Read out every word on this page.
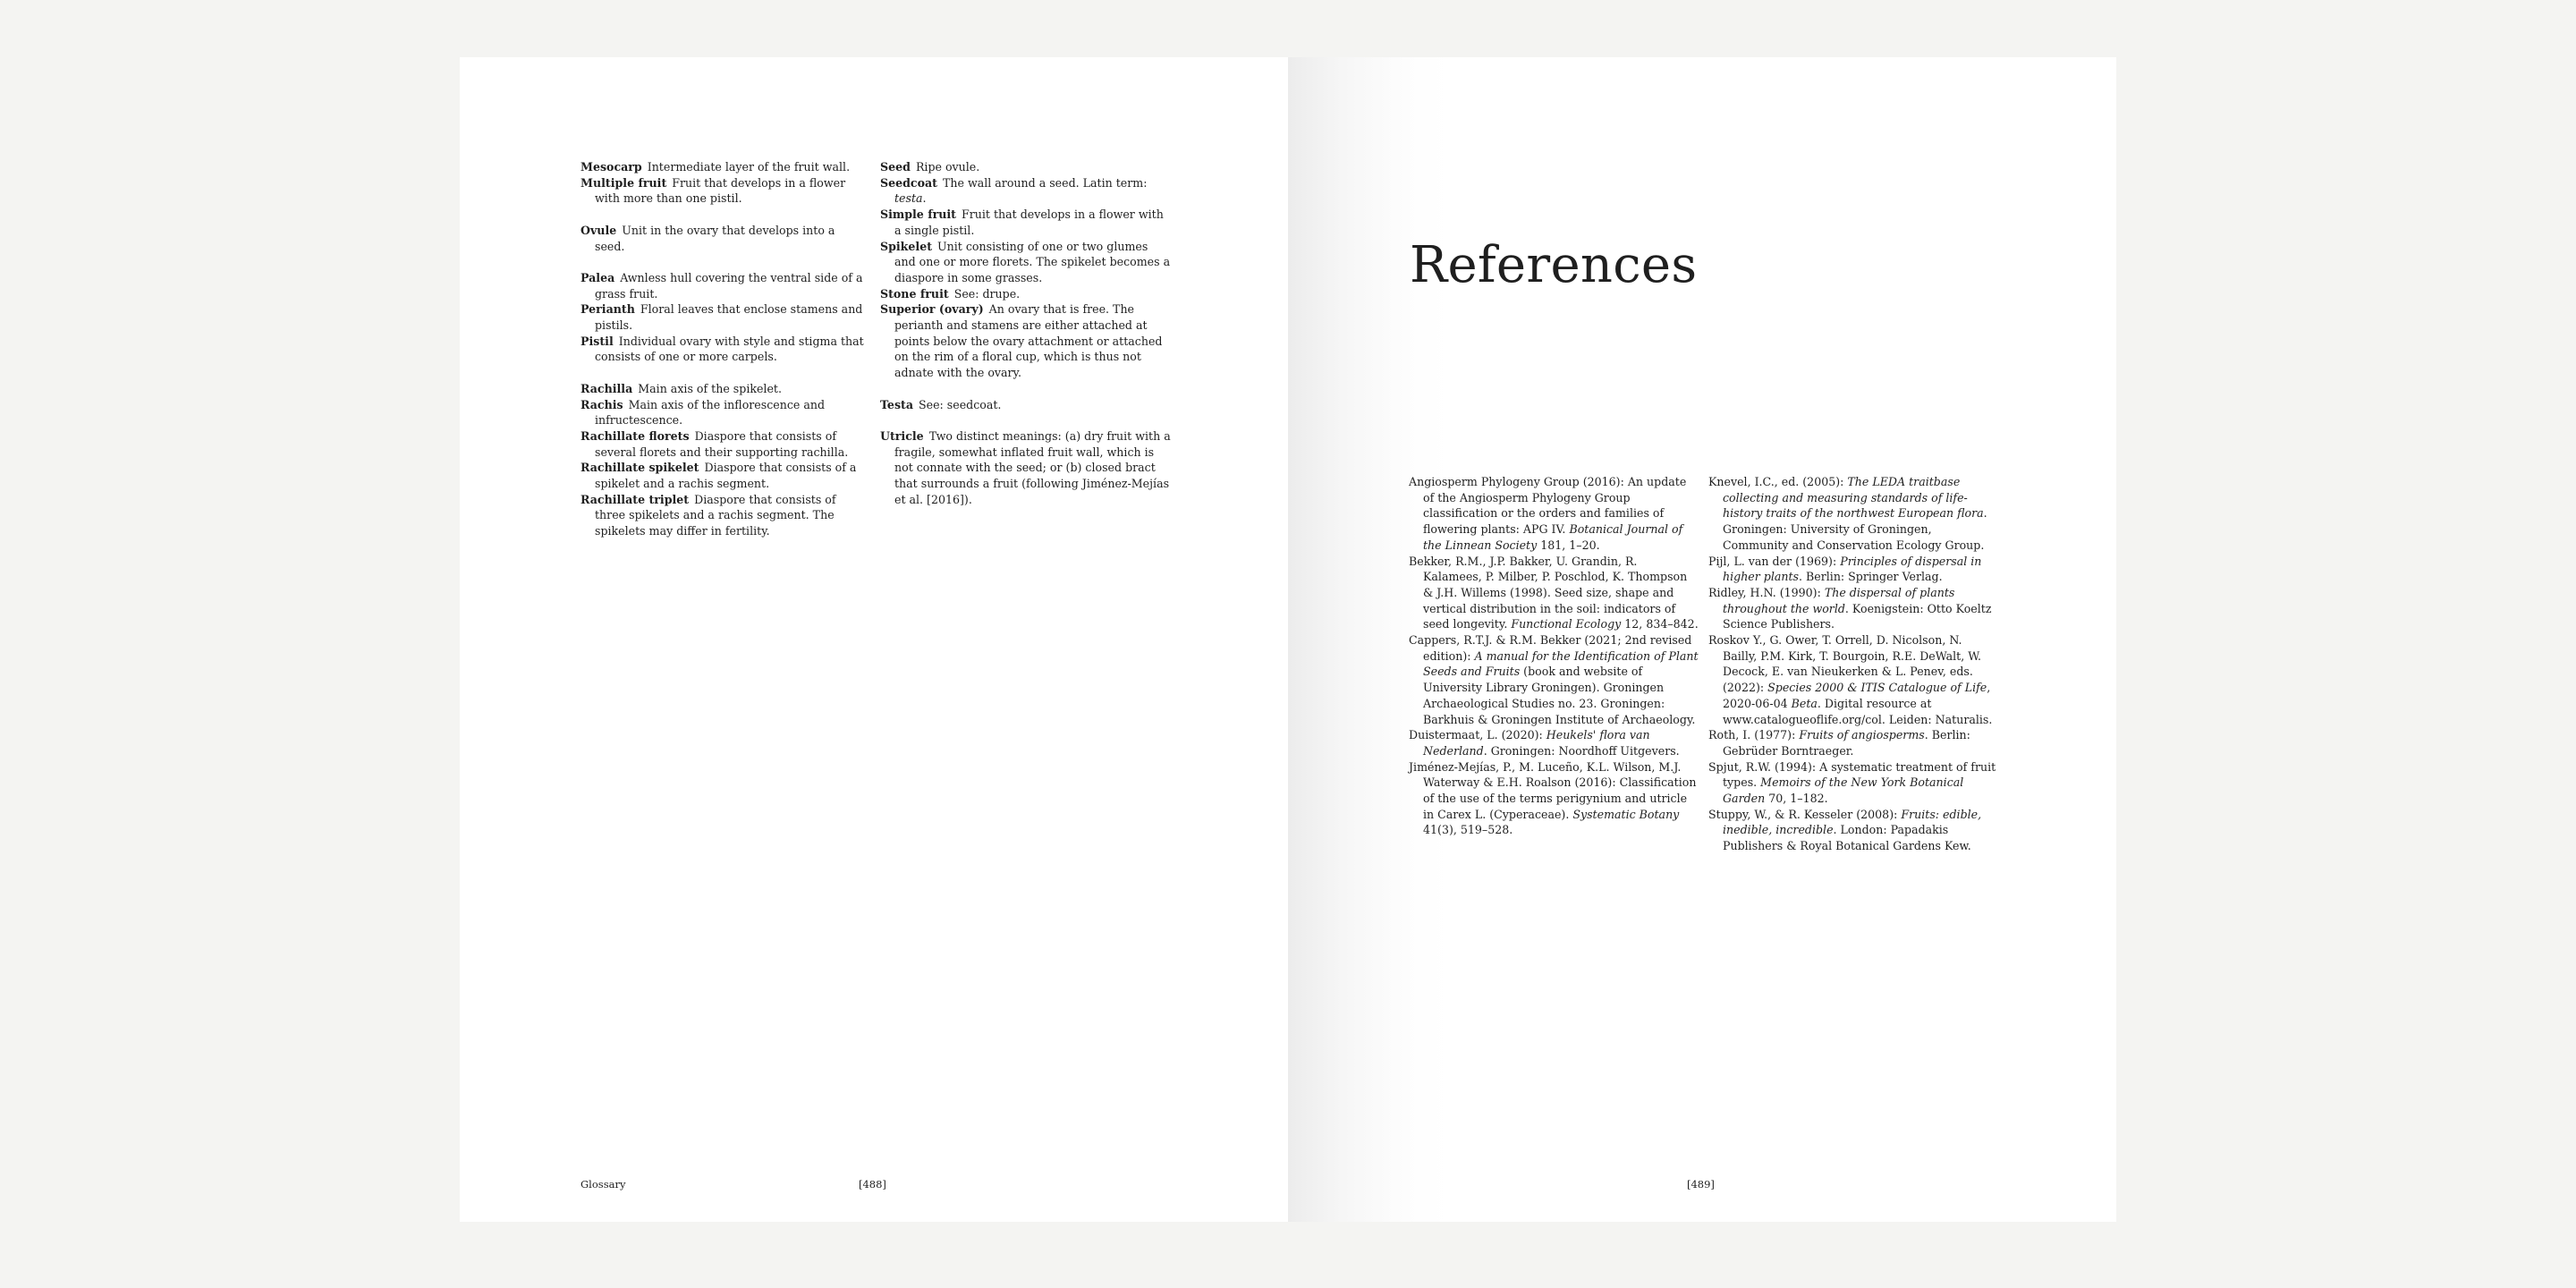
Mesocarp Intermediate layer of the fruit wall.
Multiple fruit Fruit that develops in a flower with more than one pistil.
Ovule Unit in the ovary that develops into a seed.
Palea Awnless hull covering the ventral side of a grass fruit.
Perianth Floral leaves that enclose stamens and pistils.
Pistil Individual ovary with style and stigma that consists of one or more carpels.
Rachilla Main axis of the spikelet.
Rachis Main axis of the inflorescence and infructescence.
Rachillate florets Diaspore that consists of several florets and their supporting rachilla.
Rachillate spikelet Diaspore that consists of a spikelet and a rachis segment.
Rachillate triplet Diaspore that consists of three spikelets and a rachis segment. The spikelets may differ in fertility.
Seed Ripe ovule.
Seedcoat The wall around a seed. Latin term: testa.
Simple fruit Fruit that develops in a flower with a single pistil.
Spikelet Unit consisting of one or two glumes and one or more florets. The spikelet becomes a diaspore in some grasses.
Stone fruit See: drupe.
Superior (ovary) An ovary that is free. The perianth and stamens are either attached at points below the ovary attachment or attached on the rim of a floral cup, which is thus not adnate with the ovary.
Testa See: seedcoat.
Utricle Two distinct meanings: (a) dry fruit with a fragile, somewhat inflated fruit wall, which is not connate with the seed; or (b) closed bract that surrounds a fruit (following Jiménez-Mejías et al. [2016]).
Glossary	[488]
References
Angiosperm Phylogeny Group (2016): An update of the Angiosperm Phylogeny Group classification or the orders and families of flowering plants: APG IV. Botanical Journal of the Linnean Society 181, 1–20.
Bekker, R.M., J.P. Bakker, U. Grandin, R. Kalamees, P. Milber, P. Poschlod, K. Thompson & J.H. Willems (1998). Seed size, shape and vertical distribution in the soil: indicators of seed longevity. Functional Ecology 12, 834–842.
Cappers, R.T.J. & R.M. Bekker (2021; 2nd revised edition): A manual for the Identification of Plant Seeds and Fruits (book and website of University Library Groningen). Groningen Archaeological Studies no. 23. Groningen: Barkhuis & Groningen Institute of Archaeology.
Duistermaat, L. (2020): Heukels' flora van Nederland. Groningen: Noordhoff Uitgevers.
Jiménez-Mejías, P., M. Luceño, K.L. Wilson, M.J. Waterway & E.H. Roalson (2016): Classification of the use of the terms perigynium and utricle in Carex L. (Cyperaceae). Systematic Botany 41(3), 519–528.
Knevel, I.C., ed. (2005): The LEDA traitbase collecting and measuring standards of life-history traits of the northwest European flora. Groningen: University of Groningen, Community and Conservation Ecology Group.
Pijl, L. van der (1969): Principles of dispersal in higher plants. Berlin: Springer Verlag.
Ridley, H.N. (1990): The dispersal of plants throughout the world. Koenigstein: Otto Koeltz Science Publishers.
Roskov Y., G. Ower, T. Orrell, D. Nicolson, N. Bailly, P.M. Kirk, T. Bourgoin, R.E. DeWalt, W. Decock, E. van Nieukerken & L. Penev, eds. (2022): Species 2000 & ITIS Catalogue of Life, 2020-06-04 Beta. Digital resource at www.catalogueoflife.org/col. Leiden: Naturalis.
Roth, I. (1977): Fruits of angiosperms. Berlin: Gebrüder Borntraeger.
Spjut, R.W. (1994): A systematic treatment of fruit types. Memoirs of the New York Botanical Garden 70, 1–182.
Stuppy, W., & R. Kesseler (2008): Fruits: edible, inedible, incredible. London: Papadakis Publishers & Royal Botanical Gardens Kew.
[489]
